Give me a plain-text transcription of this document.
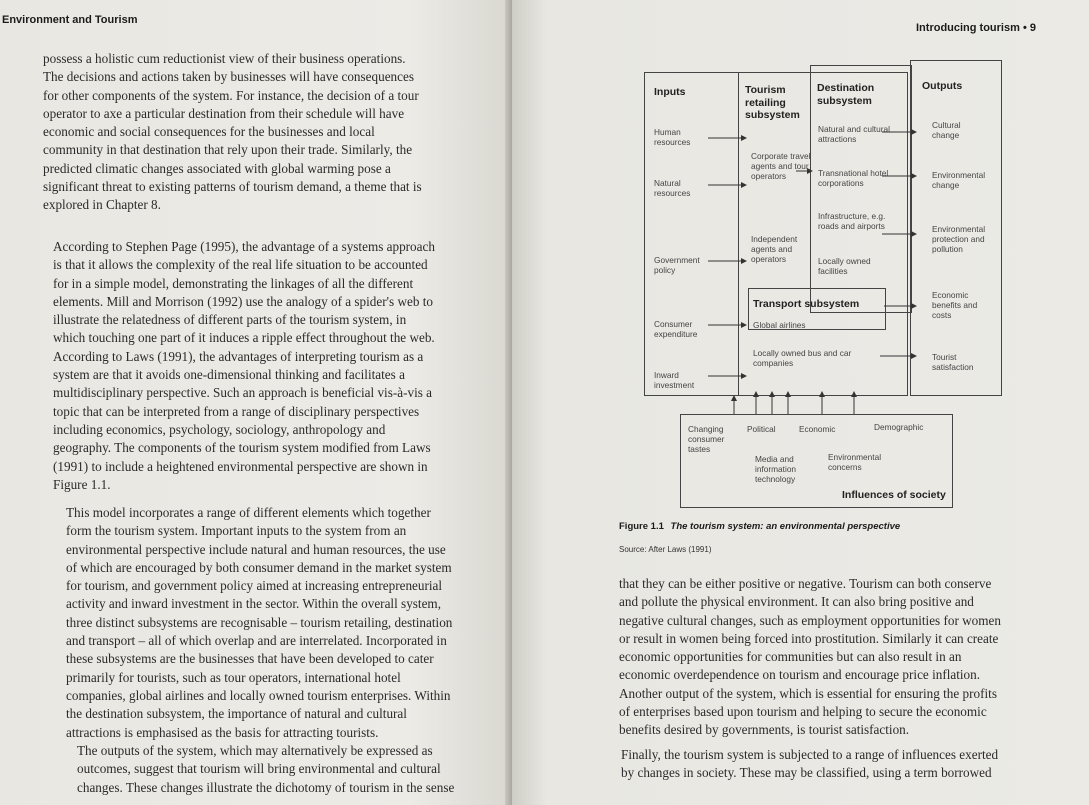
Environment and Tourism
possess a holistic cum reductionist view of their business operations.
The decisions and actions taken by businesses will have consequences
for other components of the system. For instance, the decision of a tour
operator to axe a particular destination from their schedule will have
economic and social consequences for the businesses and local
community in that destination that rely upon their trade. Similarly, the
predicted climatic changes associated with global warming pose a
significant threat to existing patterns of tourism demand, a theme that is
explored in Chapter 8.
According to Stephen Page (1995), the advantage of a systems approach
is that it allows the complexity of the real life situation to be accounted
for in a simple model, demonstrating the linkages of all the different
elements. Mill and Morrison (1992) use the analogy of a spider's web to
illustrate the relatedness of different parts of the tourism system, in
which touching one part of it induces a ripple effect throughout the web.
According to Laws (1991), the advantages of interpreting tourism as a
system are that it avoids one-dimensional thinking and facilitates a
multidisciplinary perspective. Such an approach is beneficial vis-à-vis a
topic that can be interpreted from a range of disciplinary perspectives
including economics, psychology, sociology, anthropology and
geography. The components of the tourism system modified from Laws
(1991) to include a heightened environmental perspective are shown in
Figure 1.1.
This model incorporates a range of different elements which together
form the tourism system. Important inputs to the system from an
environmental perspective include natural and human resources, the use
of which are encouraged by both consumer demand in the market system
for tourism, and government policy aimed at increasing entrepreneurial
activity and inward investment in the sector. Within the overall system,
three distinct subsystems are recognisable – tourism retailing, destination
and transport – all of which overlap and are interrelated. Incorporated in
these subsystems are the businesses that have been developed to cater
primarily for tourists, such as tour operators, international hotel
companies, global airlines and locally owned tourism enterprises. Within
the destination subsystem, the importance of natural and cultural
attractions is emphasised as the basis for attracting tourists.
The outputs of the system, which may alternatively be expressed as
outcomes, suggest that tourism will bring environmental and cultural
changes. These changes illustrate the dichotomy of tourism in the sense
Introducing tourism • 9
Inputs	Tourism retailing subsystem
Destination subsystem
Outputs
Transport subsystem
Influences of society
Human resources
Natural resources
Government policy
Consumer expenditure
Inward investment
Corporate travel agents and tour operators
Independent agents and operators
Natural and cultural attractions
Transnational hotel corporations
Infrastructure, e.g. roads and airports
Locally owned facilities
Global airlines
Locally owned bus and car companies
Cultural change
Environmental change
Environmental protection and pollution
Economic benefits and costs
Tourist satisfaction
Changing consumer tastes
Political	Economic	Demographic
Media and information technology
Environmental concerns
Figure 1.1 The tourism system: an environmental perspective
Source: After Laws (1991)
that they can be either positive or negative. Tourism can both conserve
and pollute the physical environment. It can also bring positive and
negative cultural changes, such as employment opportunities for women
or result in women being forced into prostitution. Similarly it can create
economic opportunities for communities but can also result in an
economic overdependence on tourism and encourage price inflation.
Another output of the system, which is essential for ensuring the profits
of enterprises based upon tourism and helping to secure the economic
benefits desired by governments, is tourist satisfaction.
Finally, the tourism system is subjected to a range of influences exerted
by changes in society. These may be classified, using a term borrowed
